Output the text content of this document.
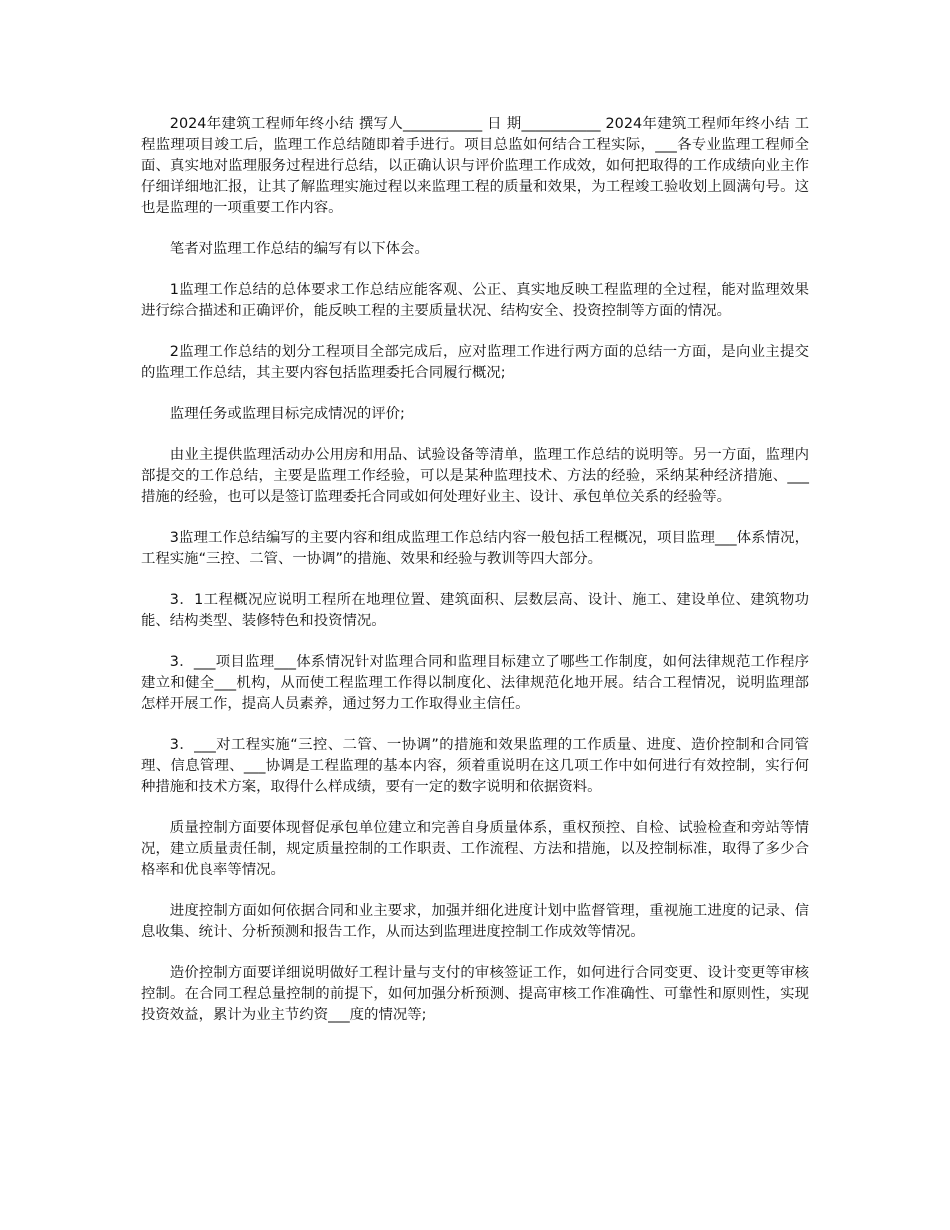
2024年建筑工程师年终小结 撰写人___________ 日 期___________ 2024年建筑工程师年终小结 工程监理项目竣工后，监理工作总结随即着手进行。项目总监如何结合工程实际，___各专业监理工程师全面、真实地对监理服务过程进行总结，以正确认识与评价监理工作成效，如何把取得的工作成绩向业主作仔细详细地汇报，让其了解监理实施过程以来监理工程的质量和效果，为工程竣工验收划上圆满句号。这也是监理的一项重要工作内容。

笔者对监理工作总结的编写有以下体会。

1监理工作总结的总体要求工作总结应能客观、公正、真实地反映工程监理的全过程，能对监理效果进行综合描述和正确评价，能反映工程的主要质量状况、结构安全、投资控制等方面的情况。

2监理工作总结的划分工程项目全部完成后，应对监理工作进行两方面的总结一方面，是向业主提交的监理工作总结，其主要内容包括监理委托合同履行概况;

监理任务或监理目标完成情况的评价;

由业主提供监理活动办公用房和用品、试验设备等清单，监理工作总结的说明等。另一方面，监理内部提交的工作总结，主要是监理工作经验，可以是某种监理技术、方法的经验，采纳某种经济措施、___措施的经验，也可以是签订监理委托合同或如何处理好业主、设计、承包单位关系的经验等。

3监理工作总结编写的主要内容和组成监理工作总结内容一般包括工程概况，项目监理___体系情况，工程实施“三控、二管、一协调”的措施、效果和经验与教训等四大部分。

3．1工程概况应说明工程所在地理位置、建筑面积、层数层高、设计、施工、建设单位、建筑物功能、结构类型、装修特色和投资情况。

3．___项目监理___体系情况针对监理合同和监理目标建立了哪些工作制度，如何法律规范工作程序建立和健全___机构，从而使工程监理工作得以制度化、法律规范化地开展。结合工程情况，说明监理部怎样开展工作，提高人员素养，通过努力工作取得业主信任。

3．___对工程实施“三控、二管、一协调”的措施和效果监理的工作质量、进度、造价控制和合同管理、信息管理、___协调是工程监理的基本内容，须着重说明在这几项工作中如何进行有效控制，实行何种措施和技术方案，取得什么样成绩，要有一定的数字说明和依据资料。

质量控制方面要体现督促承包单位建立和完善自身质量体系，重权预控、自检、试验检查和旁站等情况，建立质量责任制，规定质量控制的工作职责、工作流程、方法和措施，以及控制标准，取得了多少合格率和优良率等情况。

进度控制方面如何依据合同和业主要求，加强并细化进度计划中监督管理，重视施工进度的记录、信息收集、统计、分析预测和报告工作，从而达到监理进度控制工作成效等情况。

造价控制方面要详细说明做好工程计量与支付的审核签证工作，如何进行合同变更、设计变更等审核控制。在合同工程总量控制的前提下，如何加强分析预测、提高审核工作准确性、可靠性和原则性，实现投资效益，累计为业主节约资___度的情况等;
